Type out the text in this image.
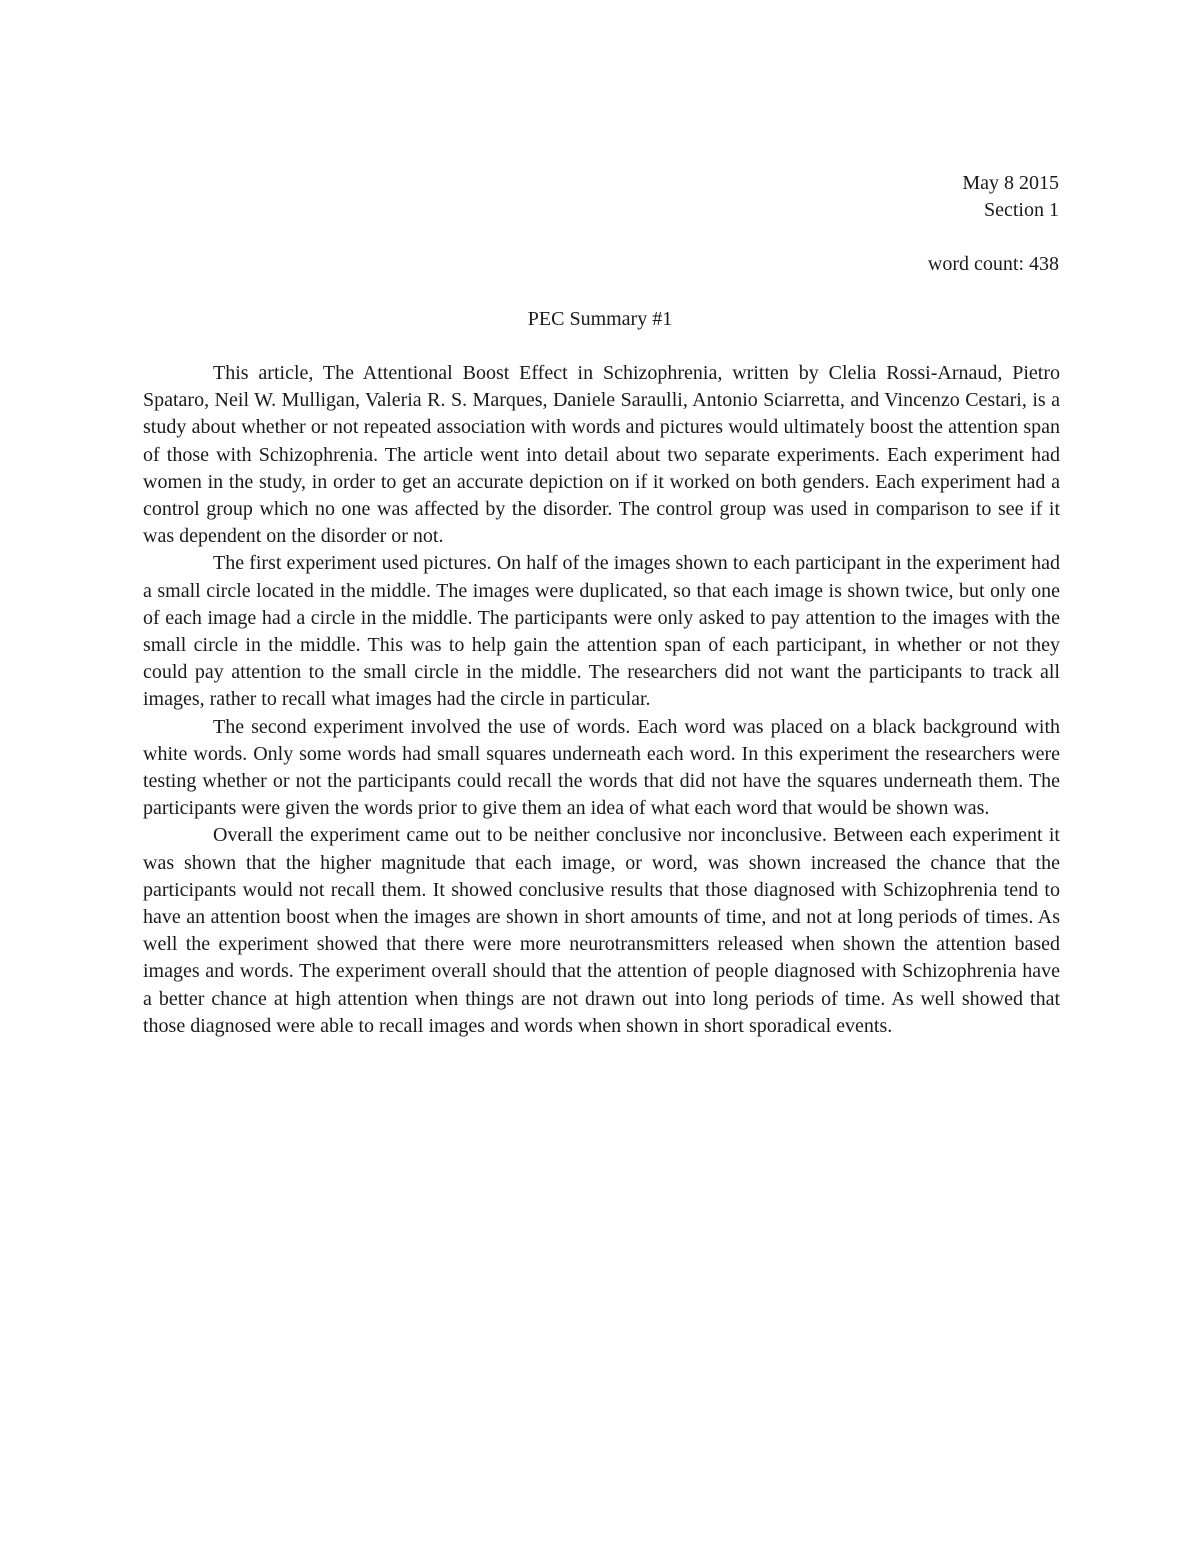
May 8 2015
Section 1
word count: 438
PEC Summary #1

This article, The Attentional Boost Effect in Schizophrenia, written by Clelia Rossi-Arnaud, Pietro Spataro, Neil W. Mulligan, Valeria R. S. Marques, Daniele Saraulli, Antonio Sciarretta, and Vincenzo Cestari, is a study about whether or not repeated association with words and pictures would ultimately boost the attention span of those with Schizophrenia. The article went into detail about two separate experiments. Each experiment had women in the study, in order to get an accurate depiction on if it worked on both genders. Each experiment had a control group which no one was affected by the disorder. The control group was used in comparison to see if it was dependent on the disorder or not.

The first experiment used pictures. On half of the images shown to each participant in the experiment had a small circle located in the middle. The images were duplicated, so that each image is shown twice, but only one of each image had a circle in the middle. The participants were only asked to pay attention to the images with the small circle in the middle. This was to help gain the attention span of each participant, in whether or not they could pay attention to the small circle in the middle. The researchers did not want the participants to track all images, rather to recall what images had the circle in particular.

The second experiment involved the use of words. Each word was placed on a black background with white words. Only some words had small squares underneath each word. In this experiment the researchers were testing whether or not the participants could recall the words that did not have the squares underneath them. The participants were given the words prior to give them an idea of what each word that would be shown was.

Overall the experiment came out to be neither conclusive nor inconclusive. Between each experiment it was shown that the higher magnitude that each image, or word, was shown increased the chance that the participants would not recall them. It showed conclusive results that those diagnosed with Schizophrenia tend to have an attention boost when the images are shown in short amounts of time, and not at long periods of times. As well the experiment showed that there were more neurotransmitters released when shown the attention based images and words. The experiment overall should that the attention of people diagnosed with Schizophrenia have a better chance at high attention when things are not drawn out into long periods of time. As well showed that those diagnosed were able to recall images and words when shown in short sporadical events.
